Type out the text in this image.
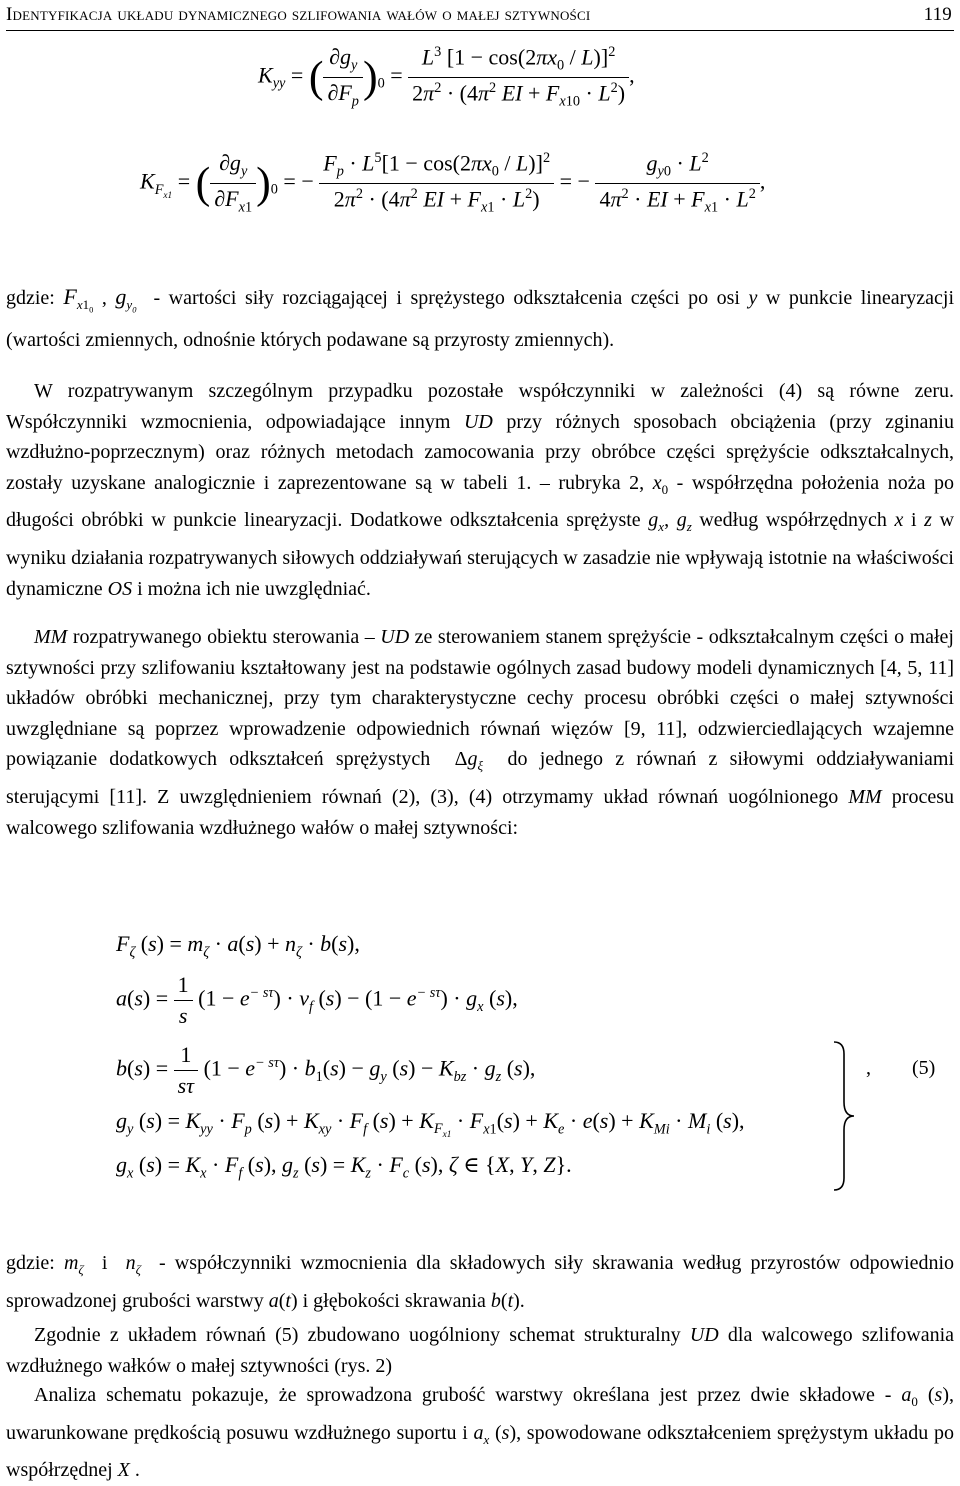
Identyfikacja układu dynamicznego szlifowania wałów o małej sztywności	119
$K_{yy}$ = ( $\frac{\partial g_y}{\partial F_p} )_0 = \frac{L^3 [1 - \cos(2\pi x_0 / L)]^2}{2\pi^2 \cdot (4\pi^2 EI + F_{x10} \cdot L^2)}$ ,
$K_{F_{x1}}$ = ( $\frac{\partial g_y}{\partial F_{x1}} )_0$ = − $\frac{F_p \cdot L^5[1 - \cos(2\pi x_0 / L)]^2}{2\pi^2 \cdot (4\pi^2 EI + F_{x1} \cdot L^2)}$ = − $\frac{g_{y0} \cdot L^2}{4\pi^2 \cdot EI + F_{x1} \cdot L^2}$ ,
gdzie: $F_{x1_0}$ , $g_{y_0}$  - wartości siły rozciągającej i sprężystego odkształcenia części po osi y w punkcie linearyzacji (wartości zmiennych, odnośnie których podawane są przyrosty zmiennych).
W rozpatrywanym szczególnym przypadku pozostałe współczynniki w zależności (4) są równe zeru. Współczynniki wzmocnienia, odpowiadające innym UD przy różnych sposobach obciążenia (przy zginaniu wzdłużno-poprzecznym) oraz różnych metodach zamocowania przy obróbce części sprężyście odkształcalnych, zostały uzyskane analogicznie i zaprezentowane są w tabeli 1. – rubryka 2, $x_0$ - współrzędna położenia noża po długości obróbki w punkcie linearyzacji. Dodatkowe odkształcenia sprężyste $g_x$, $g_z$ według współrzędnych x i z w wyniku działania rozpatrywanych siłowych oddziaływań sterujących w zasadzie nie wpływają istotnie na właściwości dynamiczne OS i można ich nie uwzględniać.
MM rozpatrywanego obiektu sterowania – UD ze sterowaniem stanem sprężyście - odkształcalnym części o małej sztywności przy szlifowaniu kształtowany jest na podstawie ogólnych zasad budowy modeli dynamicznych [4, 5, 11] układów obróbki mechanicznej, przy tym charakterystyczne cechy procesu obróbki części o małej sztywności uwzględniane są poprzez wprowadzenie odpowiednich równań więzów [9, 11], odzwierciedlających wzajemne powiązanie dodatkowych odkształceń sprężystych  $\Delta g_\xi$  do jednego z równań z siłowymi oddziaływaniami sterującymi [11]. Z uwzględnieniem równań (2), (3), (4) otrzymamy układ równań uogólnionego MM procesu walcowego szlifowania wzdłużnego wałów o małej sztywności:
$F_\zeta$ $(s) = m_\zeta \cdot a(s) + n_\zeta \cdot b(s)$,
$a(s) = \frac{1}{s} (1 - e^{- s\tau}) \cdot v_f$ $(s) - (1 - e^{- s\tau}) \cdot g_x$ (s),
$b(s) = \frac{1}{s\tau} (1 - e^{- s\tau}) \cdot b_1(s) - g_y$ $(s) - K_{bz} \cdot g_z$ (s),
$g_y$ $(s) = K_{yy} \cdot F_p$ $(s) + K_{xy} \cdot F_f$ $(s) + K_{F_{x1}} \cdot F_{x1}(s) + K_e \cdot e(s) + K_{Mi} \cdot M_i$ (s),
$g_x$ $(s) = K_x \cdot F_f$ (s), $g_z$ $(s) = K_z \cdot F_c$ (s), ζ ∈ {X, Y, Z}.
, (5)
gdzie: $m_\zeta$  i  $n_\zeta$  - współczynniki wzmocnienia dla składowych siły skrawania według przyrostów odpowiednio sprowadzonej grubości warstwy a(t) i głębokości skrawania b(t).
Zgodnie z układem równań (5) zbudowano uogólniony schemat strukturalny UD dla walcowego szlifowania wzdłużnego wałków o małej sztywności (rys. 2)
Analiza schematu pokazuje, że sprowadzona grubość warstwy określana jest przez dwie składowe - $a_0$ (s), uwarunkowane prędkością posuwu wzdłużnego suportu i $a_x$ (s), spowodowane odkształceniem sprężystym układu po współrzędnej X .
